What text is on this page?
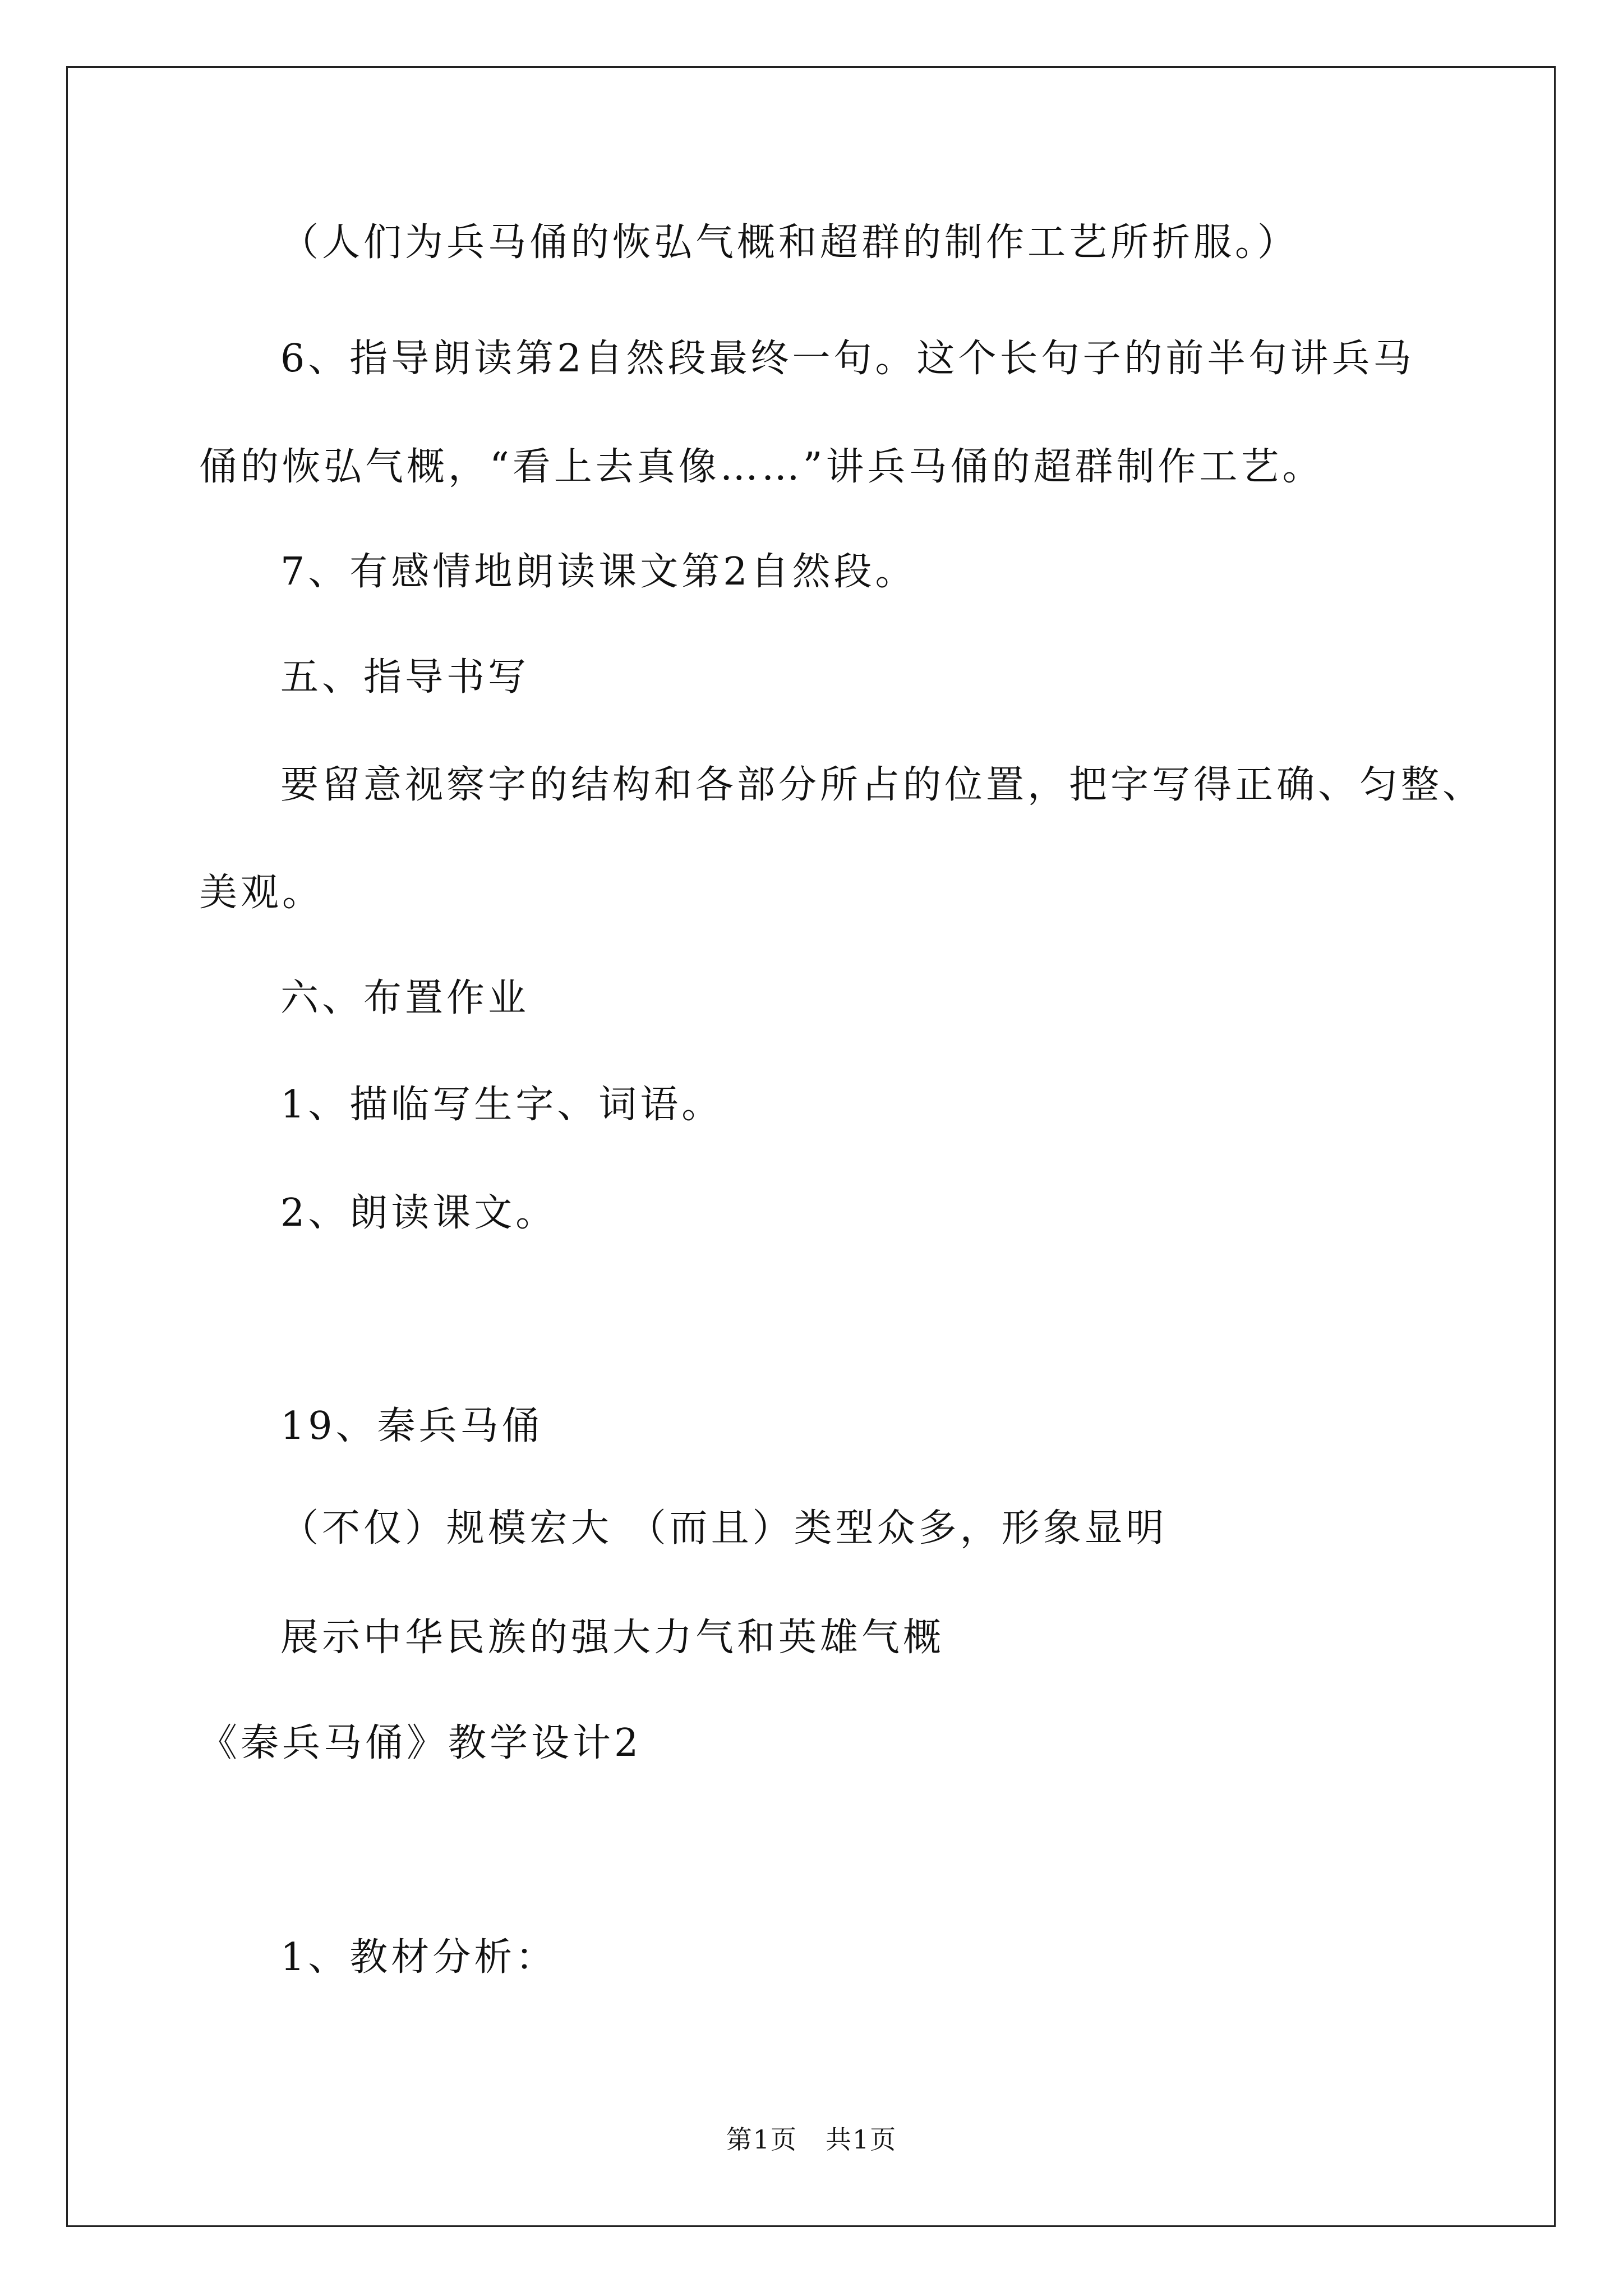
（人们为兵马俑的恢弘气概和超群的制作工艺所折服。）
6、指导朗读第2自然段最终一句。这个长句子的前半句讲兵马
俑的恢弘气概，“看上去真像……”讲兵马俑的超群制作工艺。
7、有感情地朗读课文第2自然段。
五、指导书写
要留意视察字的结构和各部分所占的位置，把字写得正确、匀整、
美观。
六、布置作业
1、描临写生字、词语。
2、朗读课文。
19、秦兵马俑
（不仅）规模宏大 （而且）类型众多，形象显明
展示中华民族的强大力气和英雄气概
《秦兵马俑》教学设计2
1、教材分析：
第1页 共1页
